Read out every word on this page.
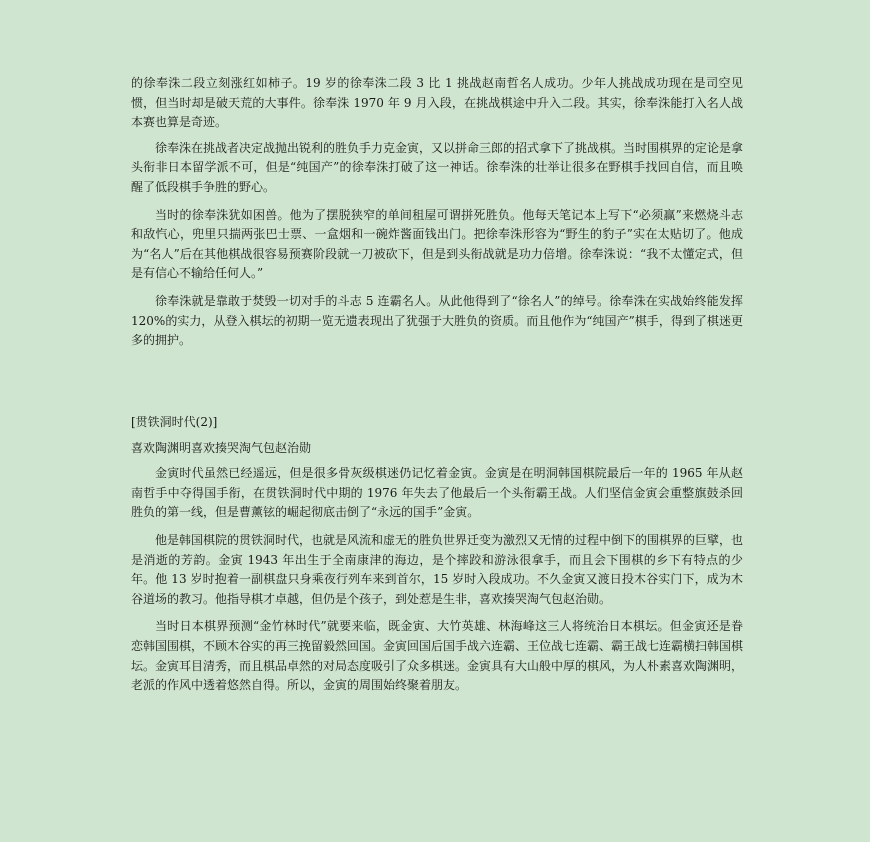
的徐奉洙二段立刻涨红如柿子。19 岁的徐奉洙二段 3 比 1 挑战赵南哲名人成功。少年人挑战成功现在是司空见惯，但当时却是破天荒的大事件。徐奉洙 1970 年 9 月入段，在挑战棋途中升入二段。其实，徐奉洙能打入名人战本赛也算是奇迹。

徐奉洙在挑战者决定战抛出锐利的胜负手力克金寅，又以拼命三郎的招式拿下了挑战棋。当时围棋界的定论是拿头衔非日本留学派不可，但是“纯国产”的徐奉洙打破了这一神话。徐奉洙的壮举让很多在野棋手找回自信，而且唤醒了低段棋手争胜的野心。

当时的徐奉洙犹如困兽。他为了摆脱狭窄的单间租屋可谓拼死胜负。他每天笔记本上写下“必须赢”来燃烧斗志和敌忾心，兜里只揣两张巴士票、一盒烟和一碗炸酱面钱出门。把徐奉洙形容为“野生的豹子”实在太贴切了。他成为“名人”后在其他棋战很容易预赛阶段就一刀被砍下，但是到头衔战就是功力倍增。徐奉洙说：“我不太懂定式，但是有信心不输给任何人。”

徐奉洙就是靠敢于焚毁一切对手的斗志 5 连霸名人。从此他得到了“徐名人”的绰号。徐奉洙在实战始终能发挥 120%的实力，从登入棋坛的初期一览无遗表现出了犹强于大胜负的资质。而且他作为“纯国产”棋手，得到了棋迷更多的拥护。

[贯铁洞时代(2)]

喜欢陶渊明喜欢揍哭淘气包赵治勋

金寅时代虽然已经遥远，但是很多骨灰级棋迷仍记忆着金寅。金寅是在明洞韩国棋院最后一年的 1965 年从赵南哲手中夺得国手衔，在贯铁洞时代中期的 1976 年失去了他最后一个头衔霸王战。人们坚信金寅会重整旗鼓杀回胜负的第一线，但是曹薰铉的崛起彻底击倒了“永远的国手”金寅。

他是韩国棋院的贯铁洞时代，也就是风流和虚无的胜负世界迁变为激烈又无情的过程中倒下的围棋界的巨擘，也是消逝的芳韵。金寅 1943 年出生于全南康津的海边，是个摔跤和游泳很拿手，而且会下围棋的乡下有特点的少年。他 13 岁时抱着一副棋盘只身乘夜行列车来到首尔，15 岁时入段成功。不久金寅又渡日投木谷实门下，成为木谷道场的教习。他指导棋才卓越，但仍是个孩子，到处惹是生非，喜欢揍哭淘气包赵治勋。

当时日本棋界预测“金竹林时代”就要来临，既金寅、大竹英雄、林海峰这三人将统治日本棋坛。但金寅还是眷恋韩国围棋，不顾木谷实的再三挽留毅然回国。金寅回国后国手战六连霸、王位战七连霸、霸王战七连霸横扫韩国棋坛。金寅耳目清秀，而且棋品卓然的对局态度吸引了众多棋迷。金寅具有大山般中厚的棋风，为人朴素喜欢陶渊明，老派的作风中透着悠然自得。所以，金寅的周围始终聚着朋友。
